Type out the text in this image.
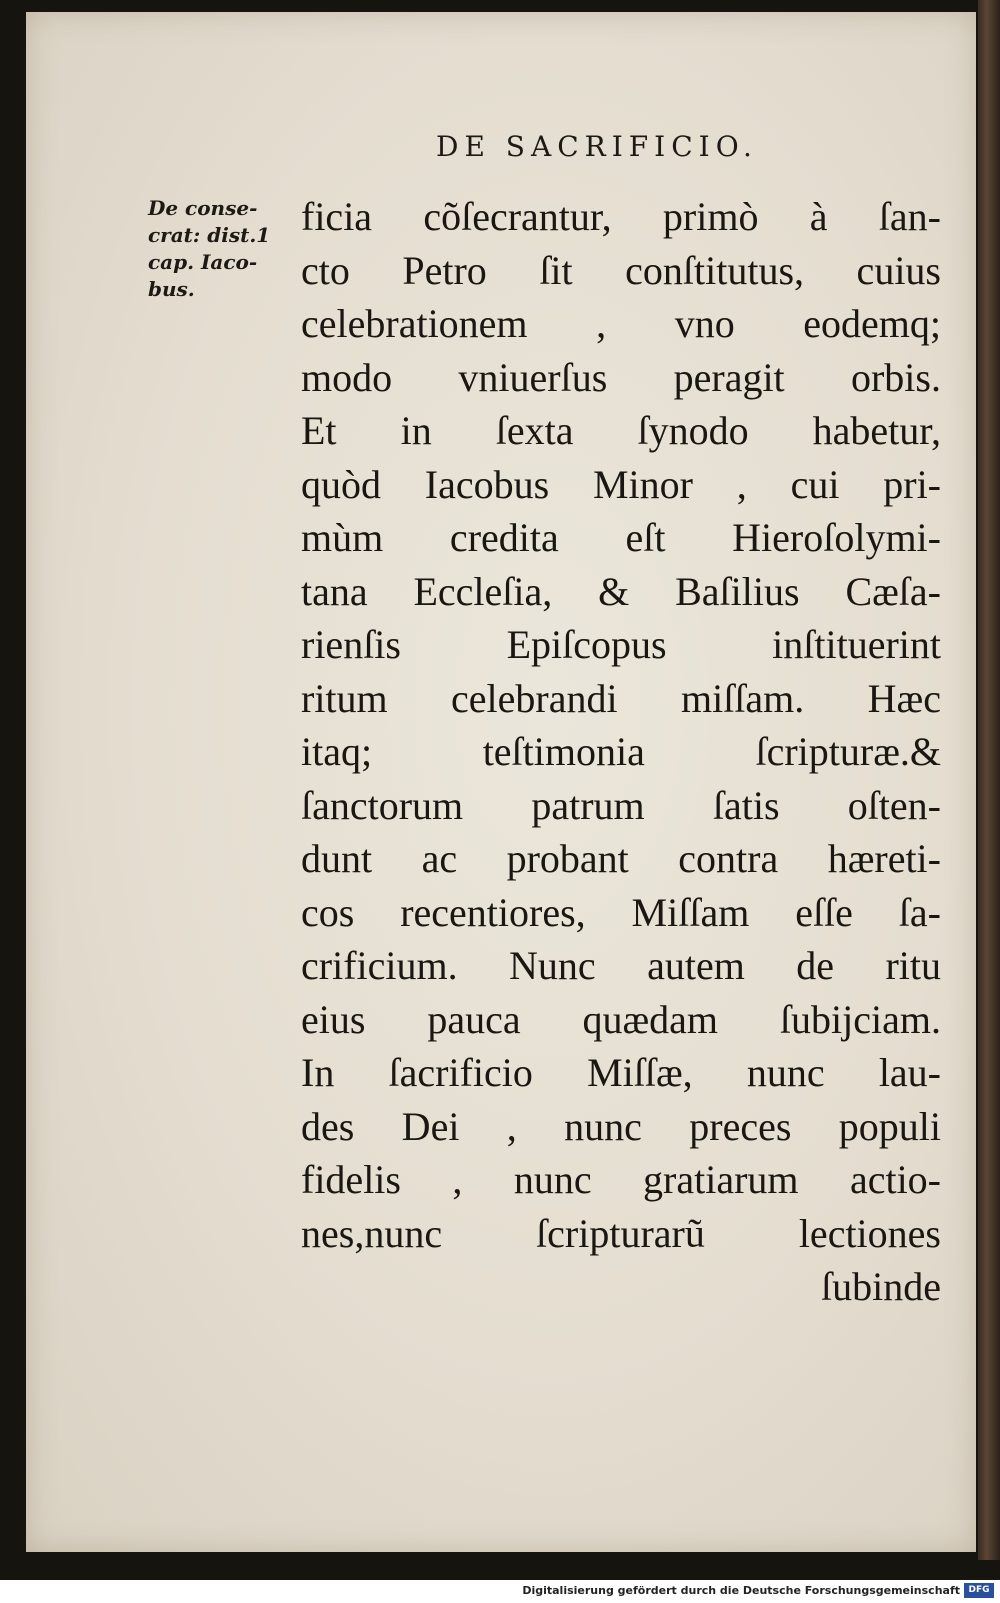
DE SACRIFICIO.
De conse-
crat: dist.1
cap. Iaco-
bus.
ficia cõſecrantur, primò à ſan-
cto Petro ſit conſtitutus, cuius
celebrationem , vno eodemq;
modo vniuerſus peragit orbis.
Et in ſexta ſynodo habetur,
quòd Iacobus Minor , cui pri-
mùm credita eſt Hieroſolymi-
tana Eccleſia, & Baſilius Cæſa-
rienſis Epiſcopus inſtituerint
ritum celebrandi miſſam. Hæc
itaq; teſtimonia ſcripturæ.&
ſanctorum patrum ſatis oſten-
dunt ac probant contra hæreti-
cos recentiores, Miſſam eſſe ſa-
crificium. Nunc autem de ritu
eius pauca quædam ſubijciam.
In ſacrificio Miſſæ, nunc lau-
des Dei , nunc preces populi
fidelis , nunc gratiarum actio-
nes,nunc ſcripturarũ lectiones
ſubinde
Digitalisierung gefördert durch die Deutsche Forschungsgemeinschaft DFG
